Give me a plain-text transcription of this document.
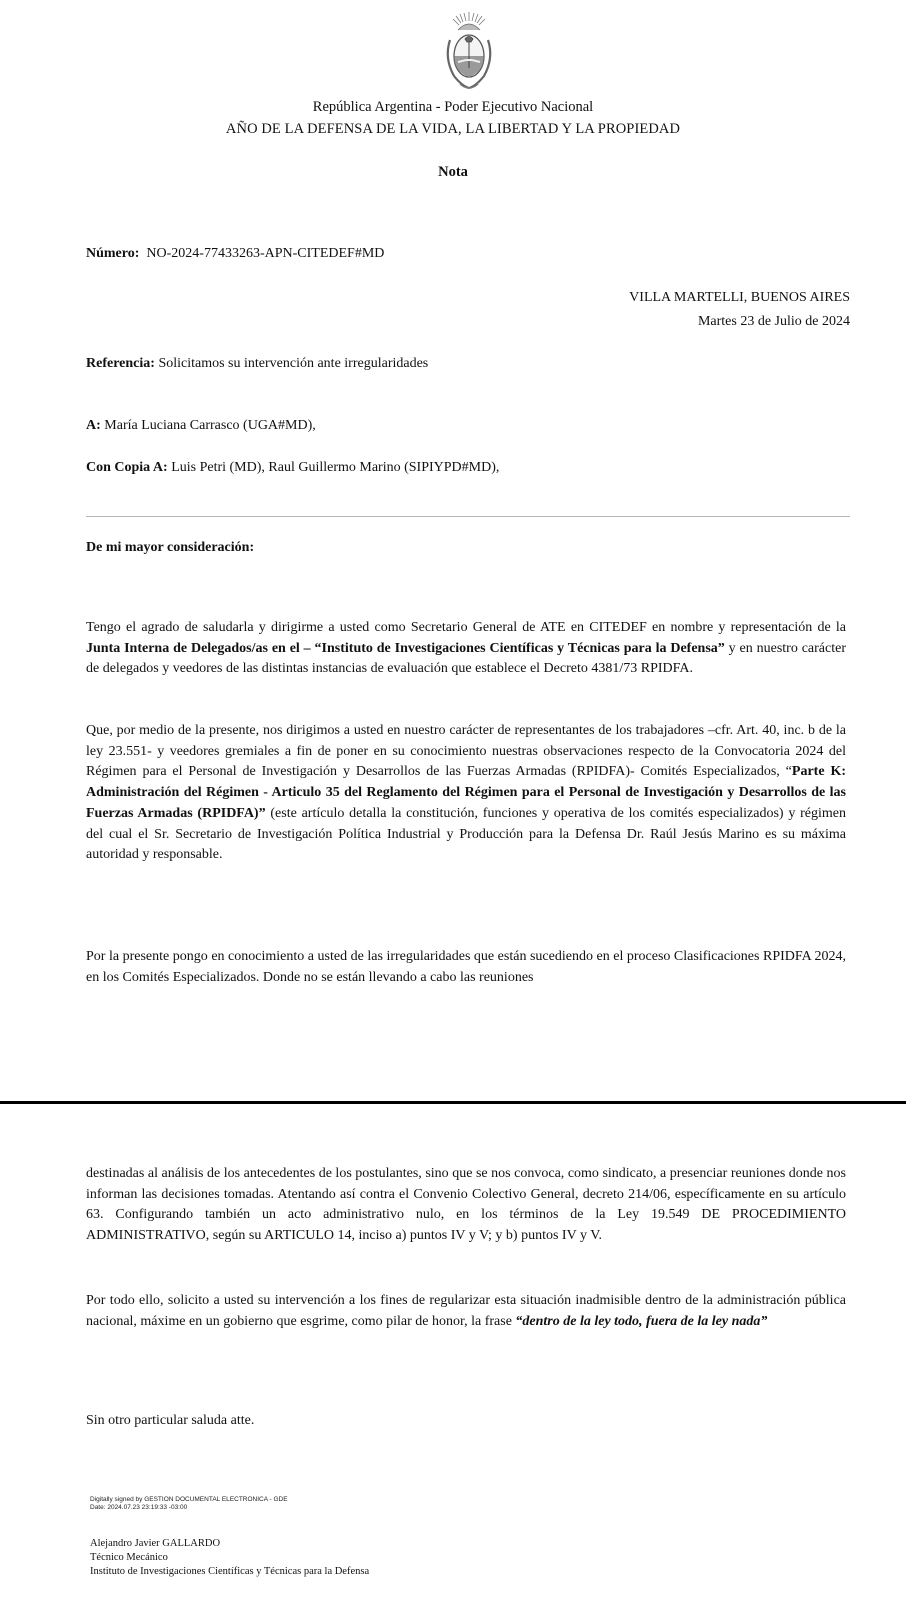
República Argentina - Poder Ejecutivo Nacional
AÑO DE LA DEFENSA DE LA VIDA, LA LIBERTAD Y LA PROPIEDAD
Nota
Número: NO-2024-77433263-APN-CITEDEF#MD
VILLA MARTELLI, BUENOS AIRES
Martes 23 de Julio de 2024
Referencia: Solicitamos su intervención ante irregularidades
A: María Luciana Carrasco (UGA#MD),
Con Copia A: Luis Petri (MD), Raul Guillermo Marino (SIPIYPD#MD),
De mi mayor consideración:
Tengo el agrado de saludarla y dirigirme a usted como Secretario General de ATE en CITEDEF en nombre y representación de la Junta Interna de Delegados/as en el – “Instituto de Investigaciones Científicas y Técnicas para la Defensa” y en nuestro carácter de delegados y veedores de las distintas instancias de evaluación que establece el Decreto 4381/73 RPIDFA.
Que, por medio de la presente, nos dirigimos a usted en nuestro carácter de representantes de los trabajadores –cfr. Art. 40, inc. b de la ley 23.551- y veedores gremiales a fin de poner en su conocimiento nuestras observaciones respecto de la Convocatoria 2024 del Régimen para el Personal de Investigación y Desarrollos de las Fuerzas Armadas (RPIDFA)- Comités Especializados, “Parte K: Administración del Régimen - Articulo 35 del Reglamento del Régimen para el Personal de Investigación y Desarrollos de las Fuerzas Armadas (RPIDFA)” (este artículo detalla la constitución, funciones y operativa de los comités especializados) y régimen del cual el Sr. Secretario de Investigación Política Industrial y Producción para la Defensa Dr. Raúl Jesús Marino es su máxima autoridad y responsable.
Por la presente pongo en conocimiento a usted de las irregularidades que están sucediendo en el proceso Clasificaciones RPIDFA 2024, en los Comités Especializados. Donde no se están llevando a cabo las reuniones
destinadas al análisis de los antecedentes de los postulantes, sino que se nos convoca, como sindicato, a presenciar reuniones donde nos informan las decisiones tomadas. Atentando así contra el Convenio Colectivo General, decreto 214/06, específicamente en su artículo 63. Configurando también un acto administrativo nulo, en los términos de la Ley 19.549 DE PROCEDIMIENTO ADMINISTRATIVO, según su ARTICULO 14, inciso a) puntos IV y V; y b) puntos IV y V.
Por todo ello, solicito a usted su intervención a los fines de regularizar esta situación inadmisible dentro de la administración pública nacional, máxime en un gobierno que esgrime, como pilar de honor, la frase “dentro de la ley todo, fuera de la ley nada”
Sin otro particular saluda atte.
Digitally signed by GESTION DOCUMENTAL ELECTRONICA - GDE
Date: 2024.07.23 23:19:33 -03:00
Alejandro Javier GALLARDO
Técnico Mecánico
Instituto de Investigaciones Científicas y Técnicas para la Defensa
